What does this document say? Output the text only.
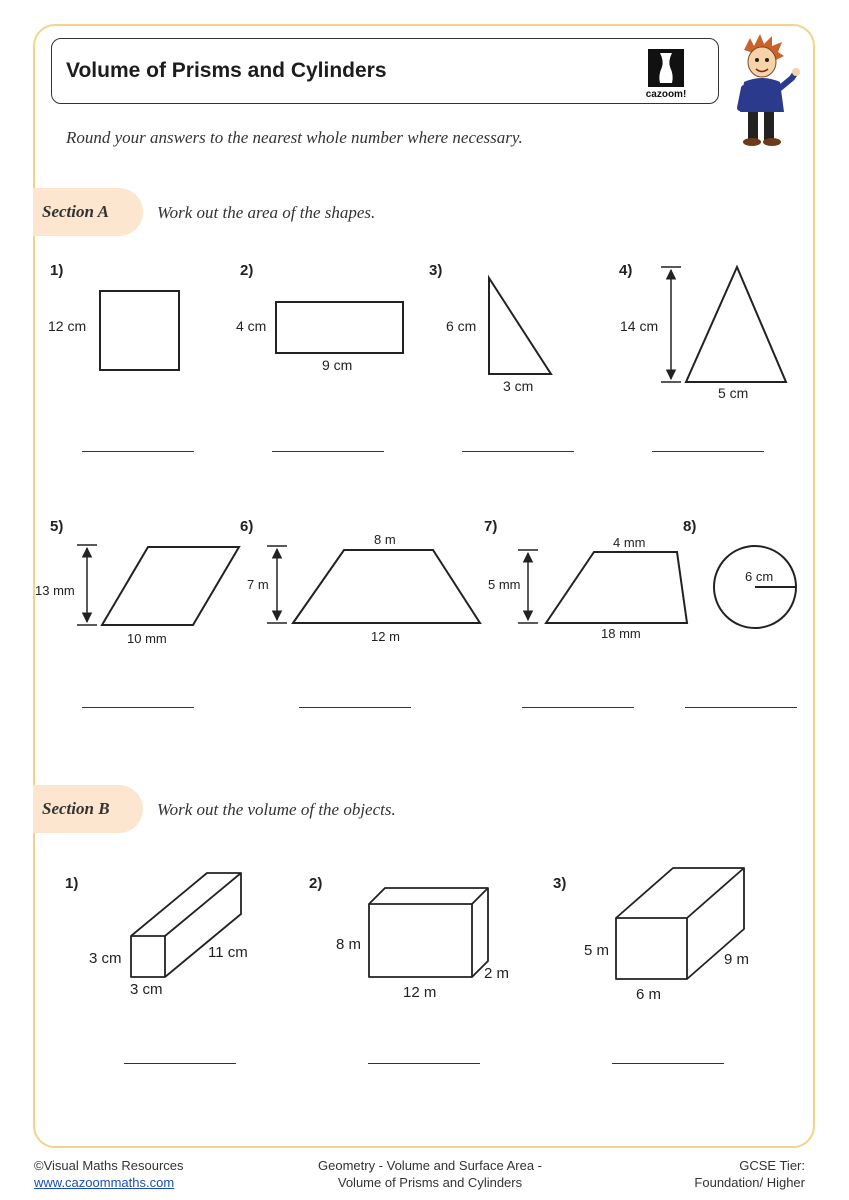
Volume of Prisms and Cylinders
cazoom!
Round your answers to the nearest whole number where necessary.
Section A	Work out the area of the shapes.
1)	2)	3)	4)
5)	6)	7)	8)
Section B	Work out the volume of the objects.
1)	2)	3)
12 cm	4 cm
9 cm
6 cm
3 cm
14 cm
5 cm
13 mm
10 mm
8 m
7 m
12 m
4 mm
5 mm
18 mm
6 cm
3 cm	11 cm
3 cm
8 m
2 m
12 m
5 m
9 m
6 m
©Visual Maths Resources
www.cazoommaths.com
Geometry - Volume and Surface Area -
Volume of Prisms and Cylinders
GCSE Tier:
Foundation/ Higher
